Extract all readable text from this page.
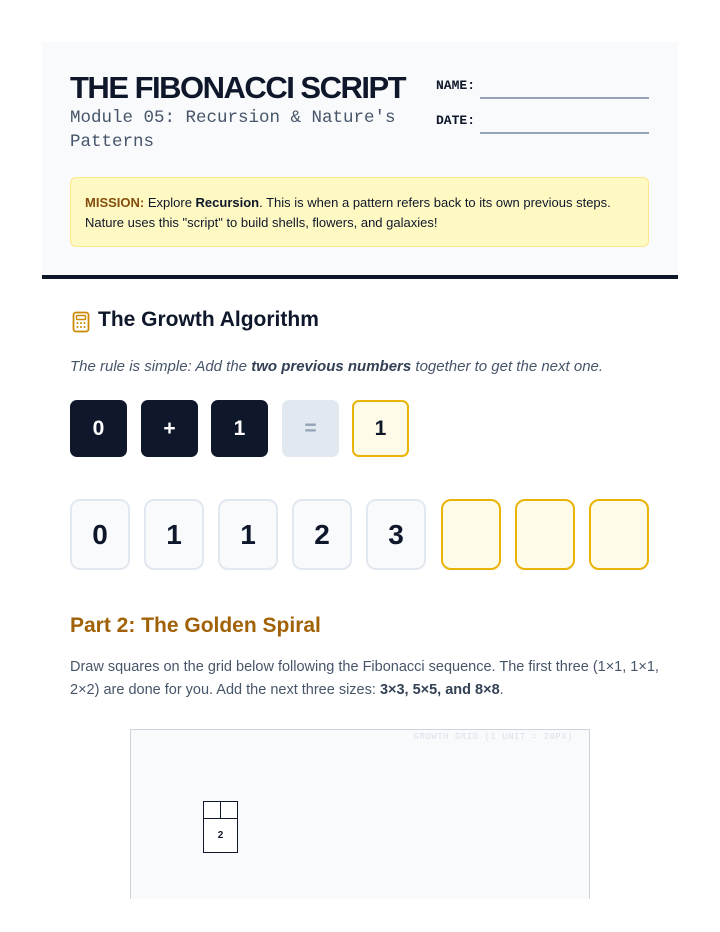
THE FIBONACCI SCRIPT
Module 05: Recursion & Nature's Patterns
NAME:
DATE:
MISSION: Explore Recursion. This is when a pattern refers back to its own previous steps. Nature uses this "script" to build shells, flowers, and galaxies!
The Growth Algorithm
The rule is simple: Add the two previous numbers together to get the next one.
0	+	1	=	1
0	1	1	2	3
Part 2: The Golden Spiral
Draw squares on the grid below following the Fibonacci sequence. The first three (1×1, 1×1, 2×2) are done for you. Add the next three sizes: 3×3, 5×5, and 8×8.
GROWTH GRID (1 UNIT = 20PX)
2
